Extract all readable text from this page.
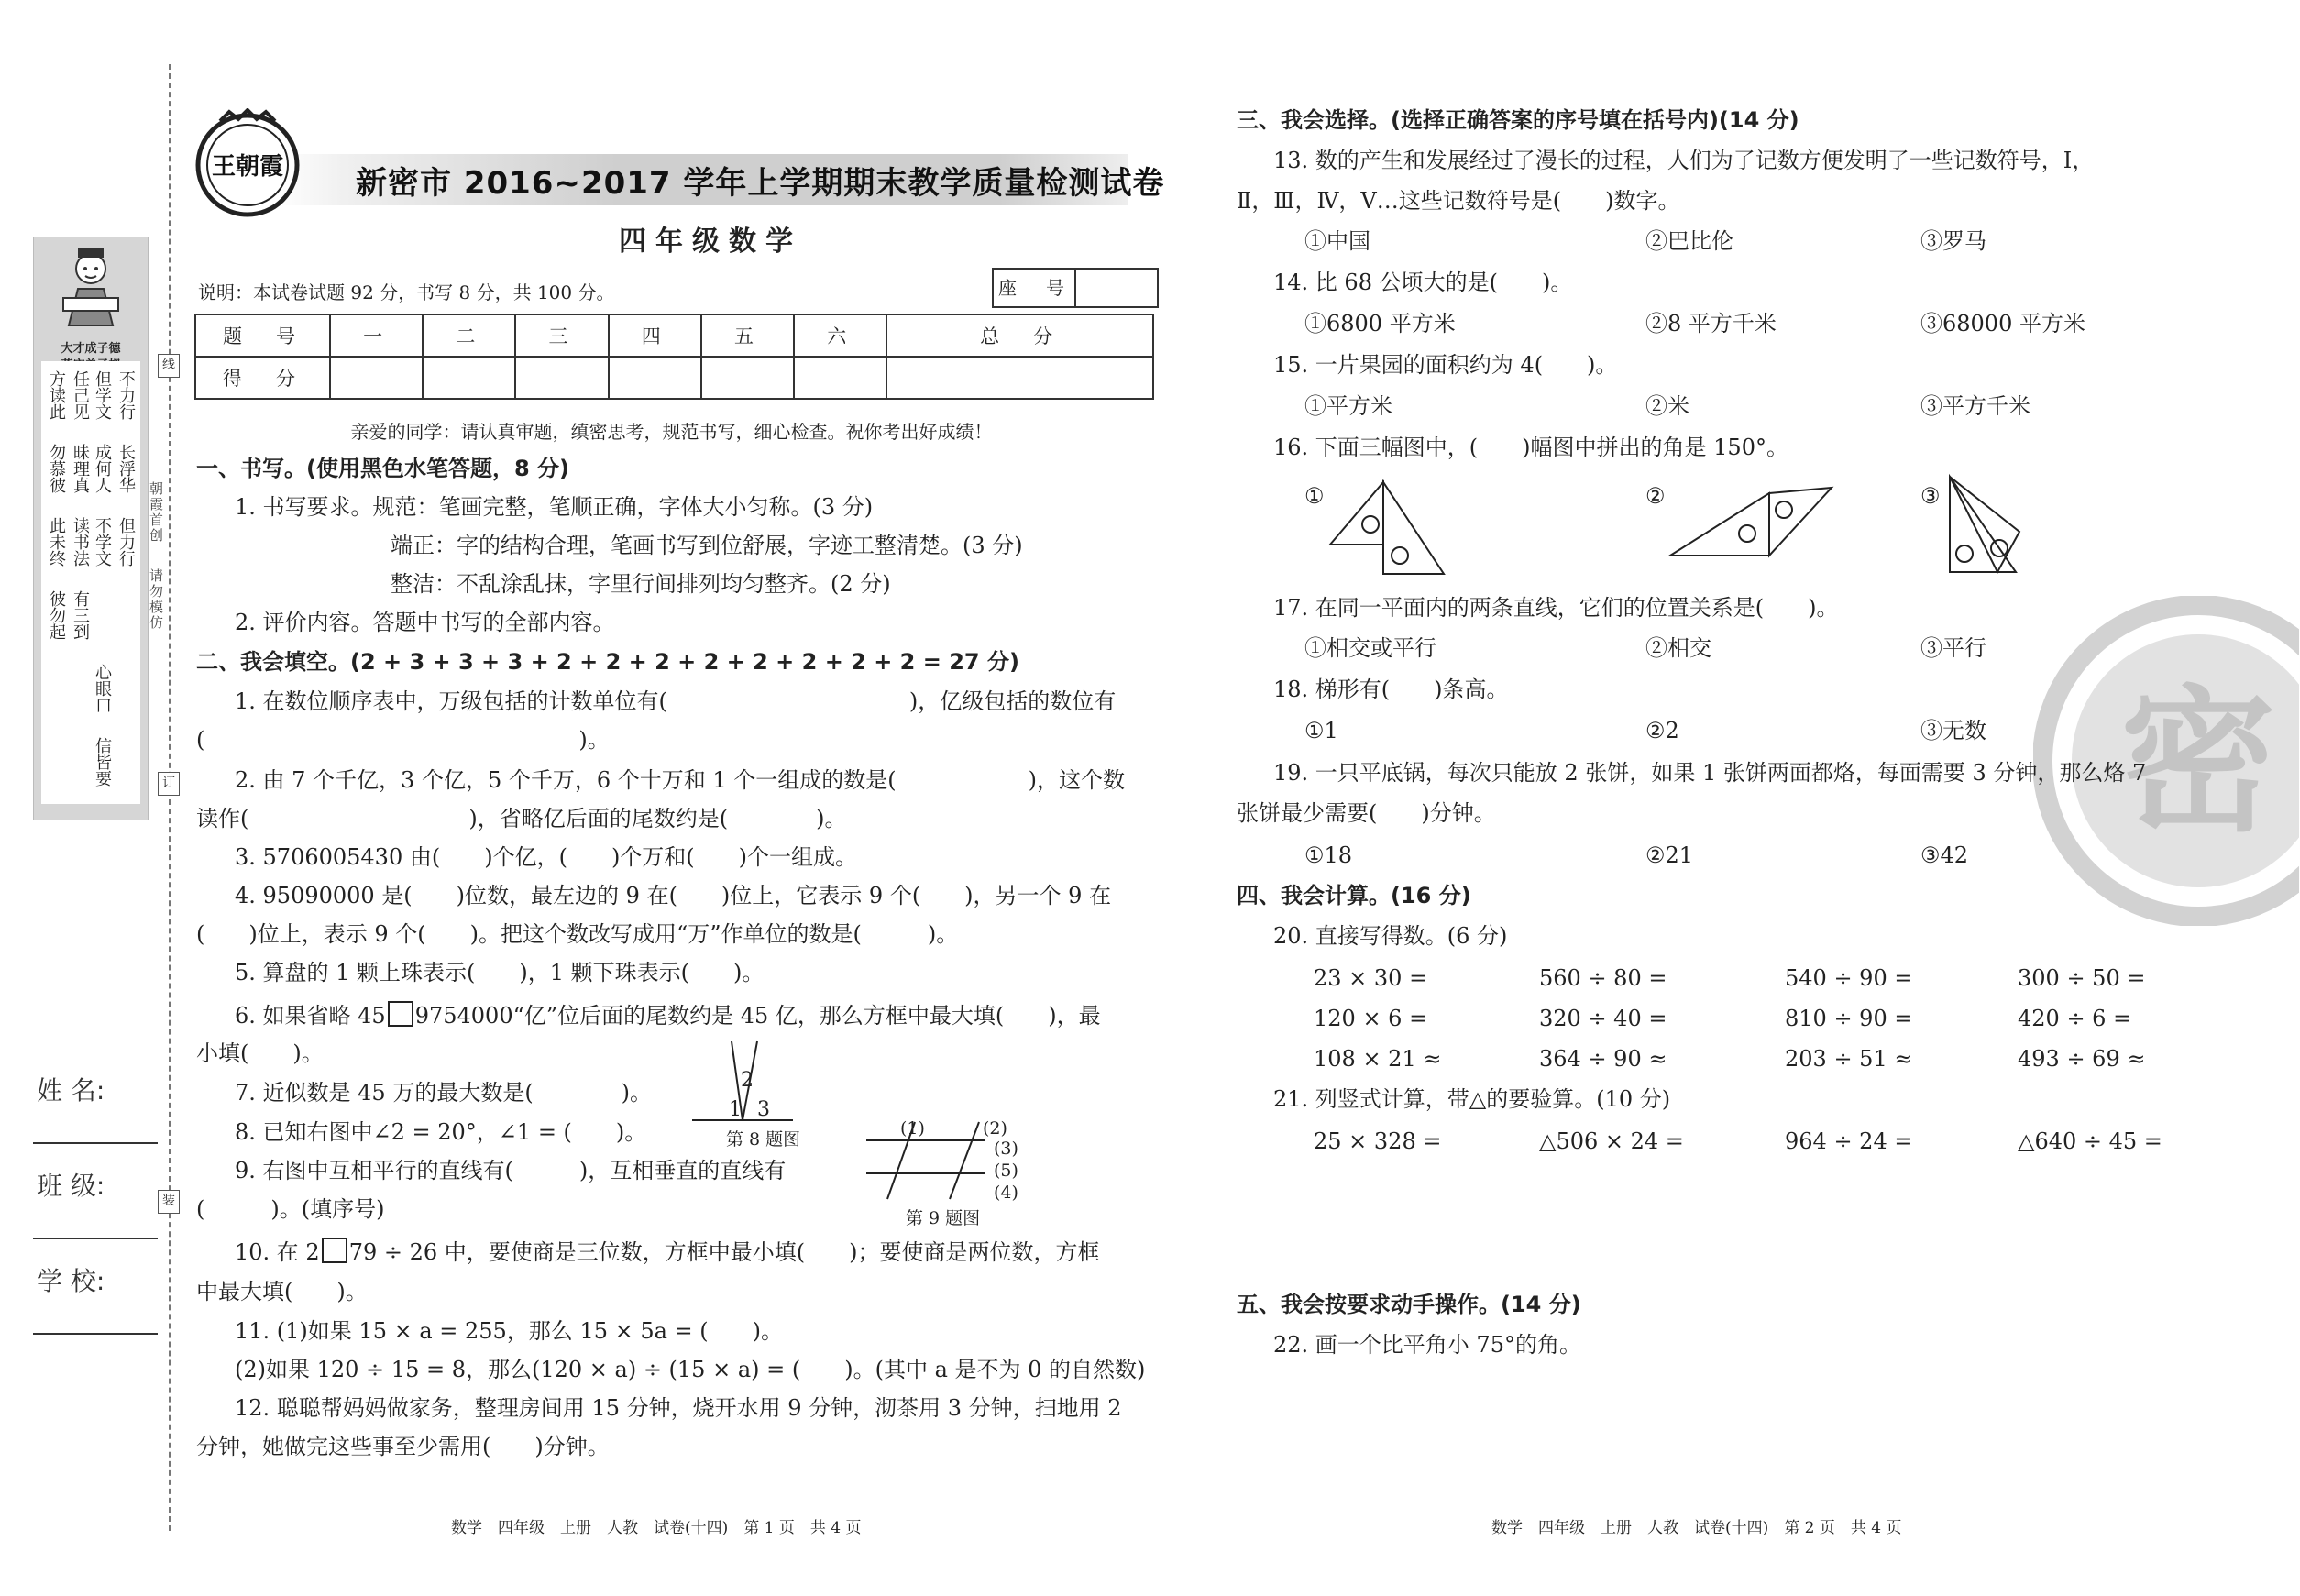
大才成子德
不力行
但学文
长浮华
成何人
但力行
不学文
任己见
昧理真
读书法
有三到
心眼口
信皆要
方读此
勿慕彼
此未终
彼勿起
朝霞首创
请勿模仿
线
订
装
姓 名:
班 级:
学 校:
王朝霞 新密市 2016~2017 学年上学期期末教学质量检测试卷
四年级数学
说明：本试卷试题 92 分，书写 8 分，共 100 分。	座　号
题　号	一	二	三	四	五	六	总　分
得　分							
亲爱的同学：请认真审题，缜密思考，规范书写，细心检查。祝你考出好成绩！
一、书写。(使用黑色水笔答题，8 分)
1. 书写要求。规范：笔画完整，笔顺正确，字体大小匀称。(3 分)
端正：字的结构合理，笔画书写到位舒展，字迹工整清楚。(3 分)
整洁：不乱涂乱抹，字里行间排列均匀整齐。(2 分)
2. 评价内容。答题中书写的全部内容。
二、我会填空。(2 + 3 + 3 + 3 + 2 + 2 + 2 + 2 + 2 + 2 + 2 + 2 = 27 分)
1. 在数位顺序表中，万级包括的计数单位有(　　　　　　　　　　　)，亿级包括的数位有
(　　　　　　　　　　　　　　　　　)。
2. 由 7 个千亿，3 个亿，5 个千万，6 个十万和 1 个一组成的数是(　　　　　　)，这个数
读作(　　　　　　　　　　)，省略亿后面的尾数约是(　　　　)。
3. 5706005430 由(　　)个亿，(　　)个万和(　　)个一组成。
4. 95090000 是(　　)位数，最左边的 9 在(　　)位上，它表示 9 个(　　)，另一个 9 在
(　　)位上，表示 9 个(　　)。把这个数改写成用“万”作单位的数是(　　　)。
5. 算盘的 1 颗上珠表示(　　)，1 颗下珠表示(　　)。
6. 如果省略 45 9754000“亿”位后面的尾数约是 45 亿，那么方框中最大填(　　)，最
小填(　　)。
7. 近似数是 45 万的最大数是(　　　　)。
8. 已知右图中∠2 = 20°，∠1 = (　　)。
9. 右图中互相平行的直线有(　　　)，互相垂直的直线有
(　　　)。(填序号)
2
1 3
第 8 题图
(1)	(2)
(3)
(5)
(4)
第 9 题图
10. 在 2 79 ÷ 26 中，要使商是三位数，方框中最小填(　　)；要使商是两位数，方框
中最大填(　　)。
11. (1)如果 15 × a = 255，那么 15 × 5a = (　　)。
(2)如果 120 ÷ 15 = 8，那么(120 × a) ÷ (15 × a) = (　　)。(其中 a 是不为 0 的自然数)
12. 聪聪帮妈妈做家务，整理房间用 15 分钟，烧开水用 9 分钟，沏茶用 3 分钟，扫地用 2
分钟，她做完这些事至少需用(　　)分钟。
数学　四年级　上册　人教　试卷(十四)　第 1 页　共 4 页
密
三、我会选择。(选择正确答案的序号填在括号内)(14 分)
13. 数的产生和发展经过了漫长的过程，人们为了记数方便发明了一些记数符号，Ⅰ，
Ⅱ，Ⅲ，Ⅳ，Ⅴ…这些记数符号是(　　)数字。
①中国	②巴比伦	③罗马
14. 比 68 公顷大的是(　　)。
①6800 平方米	②8 平方千米	③68000 平方米
15. 一片果园的面积约为 4(　　)。
①平方米	②米	③平方千米
16. 下面三幅图中，(　　)幅图中拼出的角是 150°。
①	②	③
17. 在同一平面内的两条直线，它们的位置关系是(　　)。
①相交或平行	②相交	③平行
18. 梯形有(　　)条高。
①1	②2	③无数
19. 一只平底锅，每次只能放 2 张饼，如果 1 张饼两面都烙，每面需要 3 分钟，那么烙 7
张饼最少需要(　　)分钟。
①18	②21	③42
四、我会计算。(16 分)
20. 直接写得数。(6 分)
23 × 30 =	560 ÷ 80 =	540 ÷ 90 =	300 ÷ 50 =
120 × 6 =	320 ÷ 40 =	810 ÷ 90 =	420 ÷ 6 =
108 × 21 ≈	364 ÷ 90 ≈	203 ÷ 51 ≈	493 ÷ 69 ≈
21. 列竖式计算，带△的要验算。(10 分)
25 × 328 =	△506 × 24 =	964 ÷ 24 =	△640 ÷ 45 =
五、我会按要求动手操作。(14 分)
22. 画一个比平角小 75°的角。
数学　四年级　上册　人教　试卷(十四)　第 2 页　共 4 页
